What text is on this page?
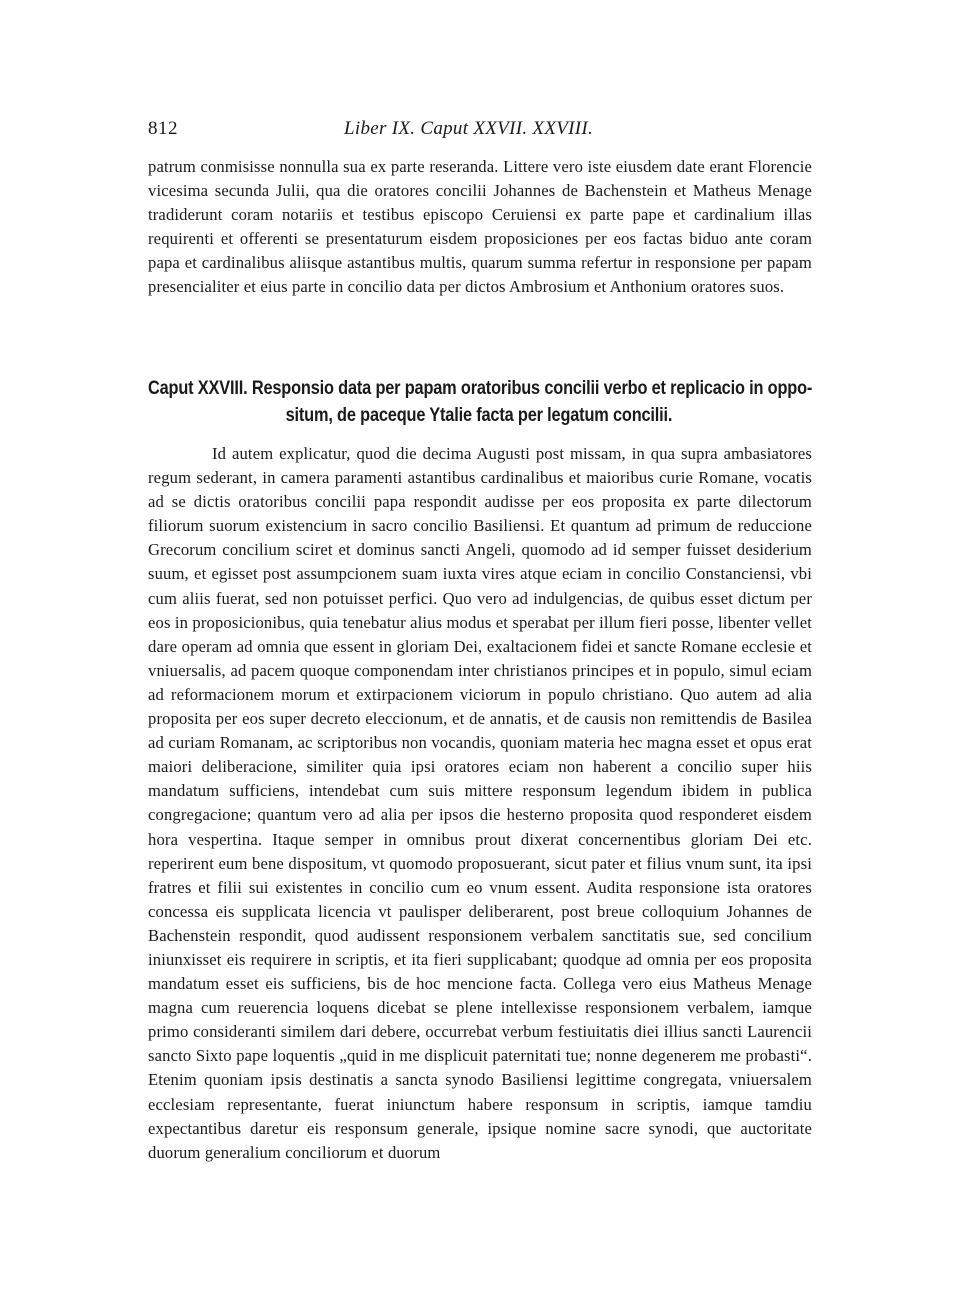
812	Liber IX. Caput XXVII. XXVIII.

patrum conmisisse nonnulla sua ex parte reseranda. Littere vero iste eiusdem date erant Florencie vicesima secunda Julii, qua die oratores concilii Johannes de Bachenstein et Matheus Menage tradiderunt coram notariis et testibus episcopo Ceruiensi ex parte pape et cardinalium illas requirenti et offerenti se presentaturum eisdem proposiciones per eos factas biduo ante coram papa et cardinalibus aliisque astantibus multis, quarum summa refertur in responsione per papam presencialiter et eius parte in concilio data per dictos Ambrosium et Anthonium oratores suos.

Caput XXVIII. Responsio data per papam oratoribus concilii verbo et replicacio in oppo-
situm, de paceque Ytalie facta per legatum concilii.

Id autem explicatur, quod die decima Augusti post missam, in qua supra ambasiatores regum sederant, in camera paramenti astantibus cardinalibus et maioribus curie Romane, vocatis ad se dictis oratoribus concilii papa respondit audisse per eos proposita ex parte dilectorum filiorum suorum existencium in sacro concilio Basiliensi. Et quantum ad primum de reduccione Grecorum concilium sciret et dominus sancti Angeli, quomodo ad id semper fuisset desiderium suum, et egisset post assumpcionem suam iuxta vires atque eciam in concilio Constanciensi, vbi cum aliis fuerat, sed non potuisset perfici. Quo vero ad indulgencias, de quibus esset dictum per eos in proposicionibus, quia tenebatur alius modus et sperabat per illum fieri posse, libenter vellet dare operam ad omnia que essent in gloriam Dei, exaltacionem fidei et sancte Romane ecclesie et vniuersalis, ad pacem quoque componendam inter christianos principes et in populo, simul eciam ad reformacionem morum et extirpacionem viciorum in populo christiano. Quo autem ad alia proposita per eos super decreto eleccionum, et de annatis, et de causis non remittendis de Basilea ad curiam Romanam, ac scriptoribus non vocandis, quoniam materia hec magna esset et opus erat maiori deliberacione, similiter quia ipsi oratores eciam non haberent a concilio super hiis mandatum sufficiens, intendebat cum suis mittere responsum legendum ibidem in publica congregacione; quantum vero ad alia per ipsos die hesterno proposita quod responderet eisdem hora vespertina. Itaque semper in omnibus prout dixerat concernentibus gloriam Dei etc. reperirent eum bene dispositum, vt quomodo proposuerant, sicut pater et filius vnum sunt, ita ipsi fratres et filii sui existentes in concilio cum eo vnum essent. Audita responsione ista oratores concessa eis supplicata licencia vt paulisper deliberarent, post breue colloquium Johannes de Bachenstein respondit, quod audissent responsionem verbalem sanctitatis sue, sed concilium iniunxisset eis requirere in scriptis, et ita fieri supplicabant; quodque ad omnia per eos proposita mandatum esset eis sufficiens, bis de hoc mencione facta. Collega vero eius Matheus Menage magna cum reuerencia loquens dicebat se plene intellexisse responsionem verbalem, iamque primo consideranti similem dari debere, occurrebat verbum festiuitatis diei illius sancti Laurencii sancto Sixto pape loquentis „quid in me displicuit paternitati tue; nonne degenerem me probasti“. Etenim quoniam ipsis destinatis a sancta synodo Basiliensi legittime congregata, vniuersalem ecclesiam representante, fuerat iniunctum habere responsum in scriptis, iamque tamdiu expectantibus daretur eis responsum generale, ipsique nomine sacre synodi, que auctoritate duorum generalium conciliorum et duorum
